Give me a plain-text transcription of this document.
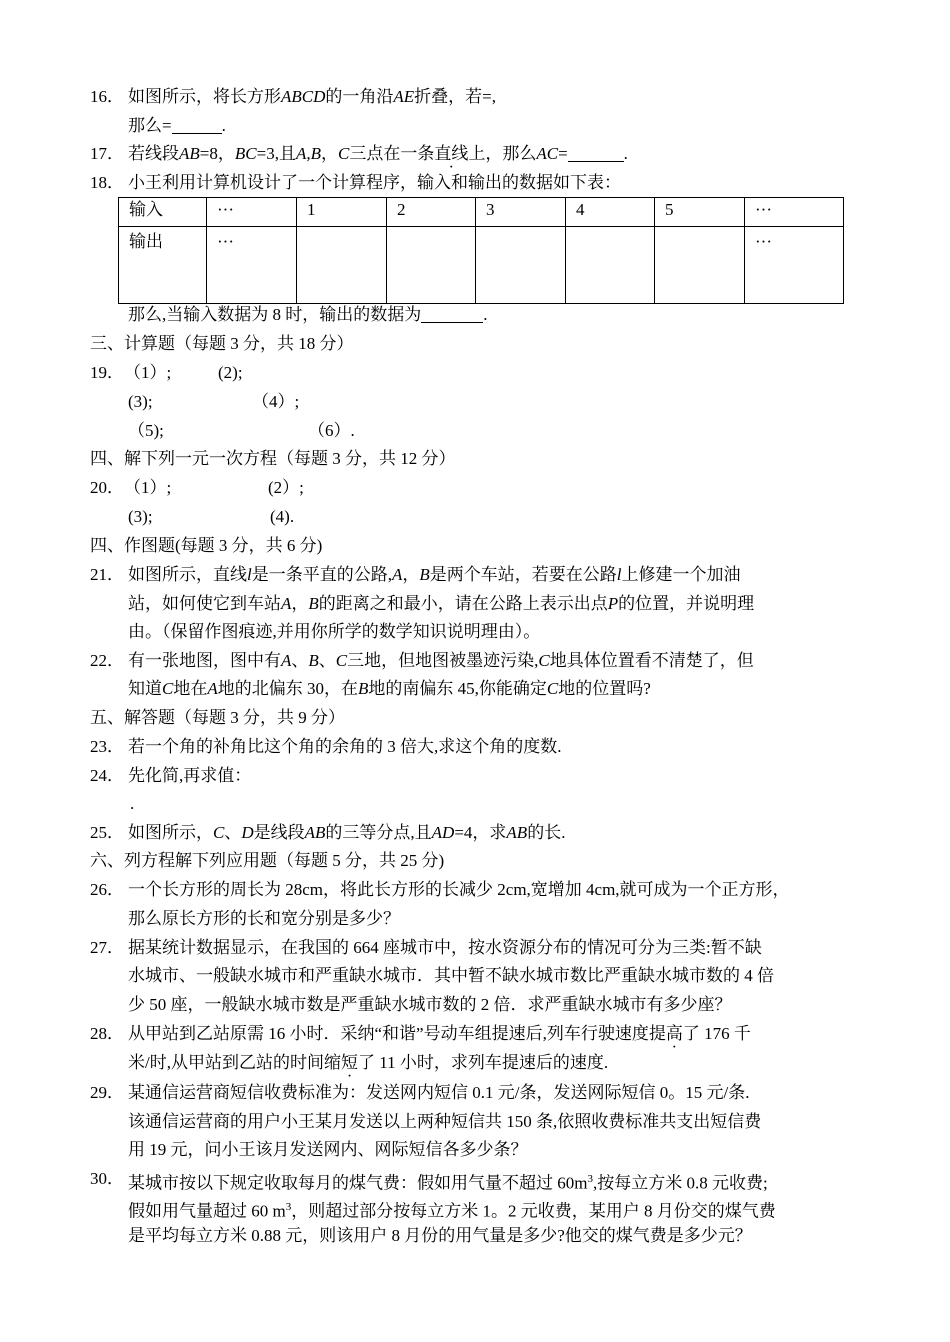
16． 如图所示，将长方形ABCD的一角沿AE折叠，若=,
那么=	.
17． 若线段AB=8，BC=3,且A,B，C三点在一条直线上，那么AC=	.
18． 小王利用计算机设计了一个计算程序，输入和输出的数据如下表：
输入	···	1	2	3	4	5	···
输出	···						···
那么,当输入数据为 8 时，输出的数据为	.
三、计算题（每题 3 分，共 18 分）
19． （1）;	(2);
(3);	（4）;
（5);	（6）.
四、解下列一元一次方程（每题 3 分，共 12 分）
20． （1）;	(2）;
(3);	(4).
四、作图题(每题 3 分，共 6 分)
21． 如图所示，直线l是一条平直的公路,A，B是两个车站，若要在公路l上修建一个加油
站，如何使它到车站A，B的距离之和最小，请在公路上表示出点P的位置，并说明理
由。（保留作图痕迹,并用你所学的数学知识说明理由）。
22． 有一张地图，图中有A、B、C三地，但地图被墨迹污染,C地具体位置看不清楚了，但
知道C地在A地的北偏东 30，在B地的南偏东 45,你能确定C地的位置吗?
五、解答题（每题 3 分，共 9 分）
23． 若一个角的补角比这个角的余角的 3 倍大,求这个角的度数.
24． 先化简,再求值：
.
25． 如图所示，C、D是线段AB的三等分点,且AD=4，求AB的长.
六、列方程解下列应用题（每题 5 分，共 25 分)
26． 一个长方形的周长为 28cm，将此长方形的长减少 2cm,宽增加 4cm,就可成为一个正方形，
那么原长方形的长和宽分别是多少？
27． 据某统计数据显示，在我国的 664 座城市中，按水资源分布的情况可分为三类:暂不缺
水城市、一般缺水城市和严重缺水城市．其中暂不缺水城市数比严重缺水城市数的 4 倍
少 50 座，一般缺水城市数是严重缺水城市数的 2 倍．求严重缺水城市有多少座？
28． 从甲站到乙站原需 16 小时．采纳“和谐”号动车组提速后,列车行驶速度提高了 176 千
米/时,从甲站到乙站的时间缩短了 11 小时，求列车提速后的速度.
29． 某通信运营商短信收费标准为：发送网内短信 0.1 元/条，发送网际短信 0。15 元/条.
该通信运营商的用户小王某月发送以上两种短信共 150 条,依照收费标准共支出短信费
用 19 元，问小王该月发送网内、网际短信各多少条？
30． 某城市按以下规定收取每月的煤气费：假如用气量不超过 $60m^3$,按每立方米 0.8 元收费;
假如用气量超过 60 $m^3$，则超过部分按每立方米 1。2 元收费，某用户 8 月份交的煤气费
是平均每立方米 0.88 元，则该用户 8 月份的用气量是多少?他交的煤气费是多少元？
